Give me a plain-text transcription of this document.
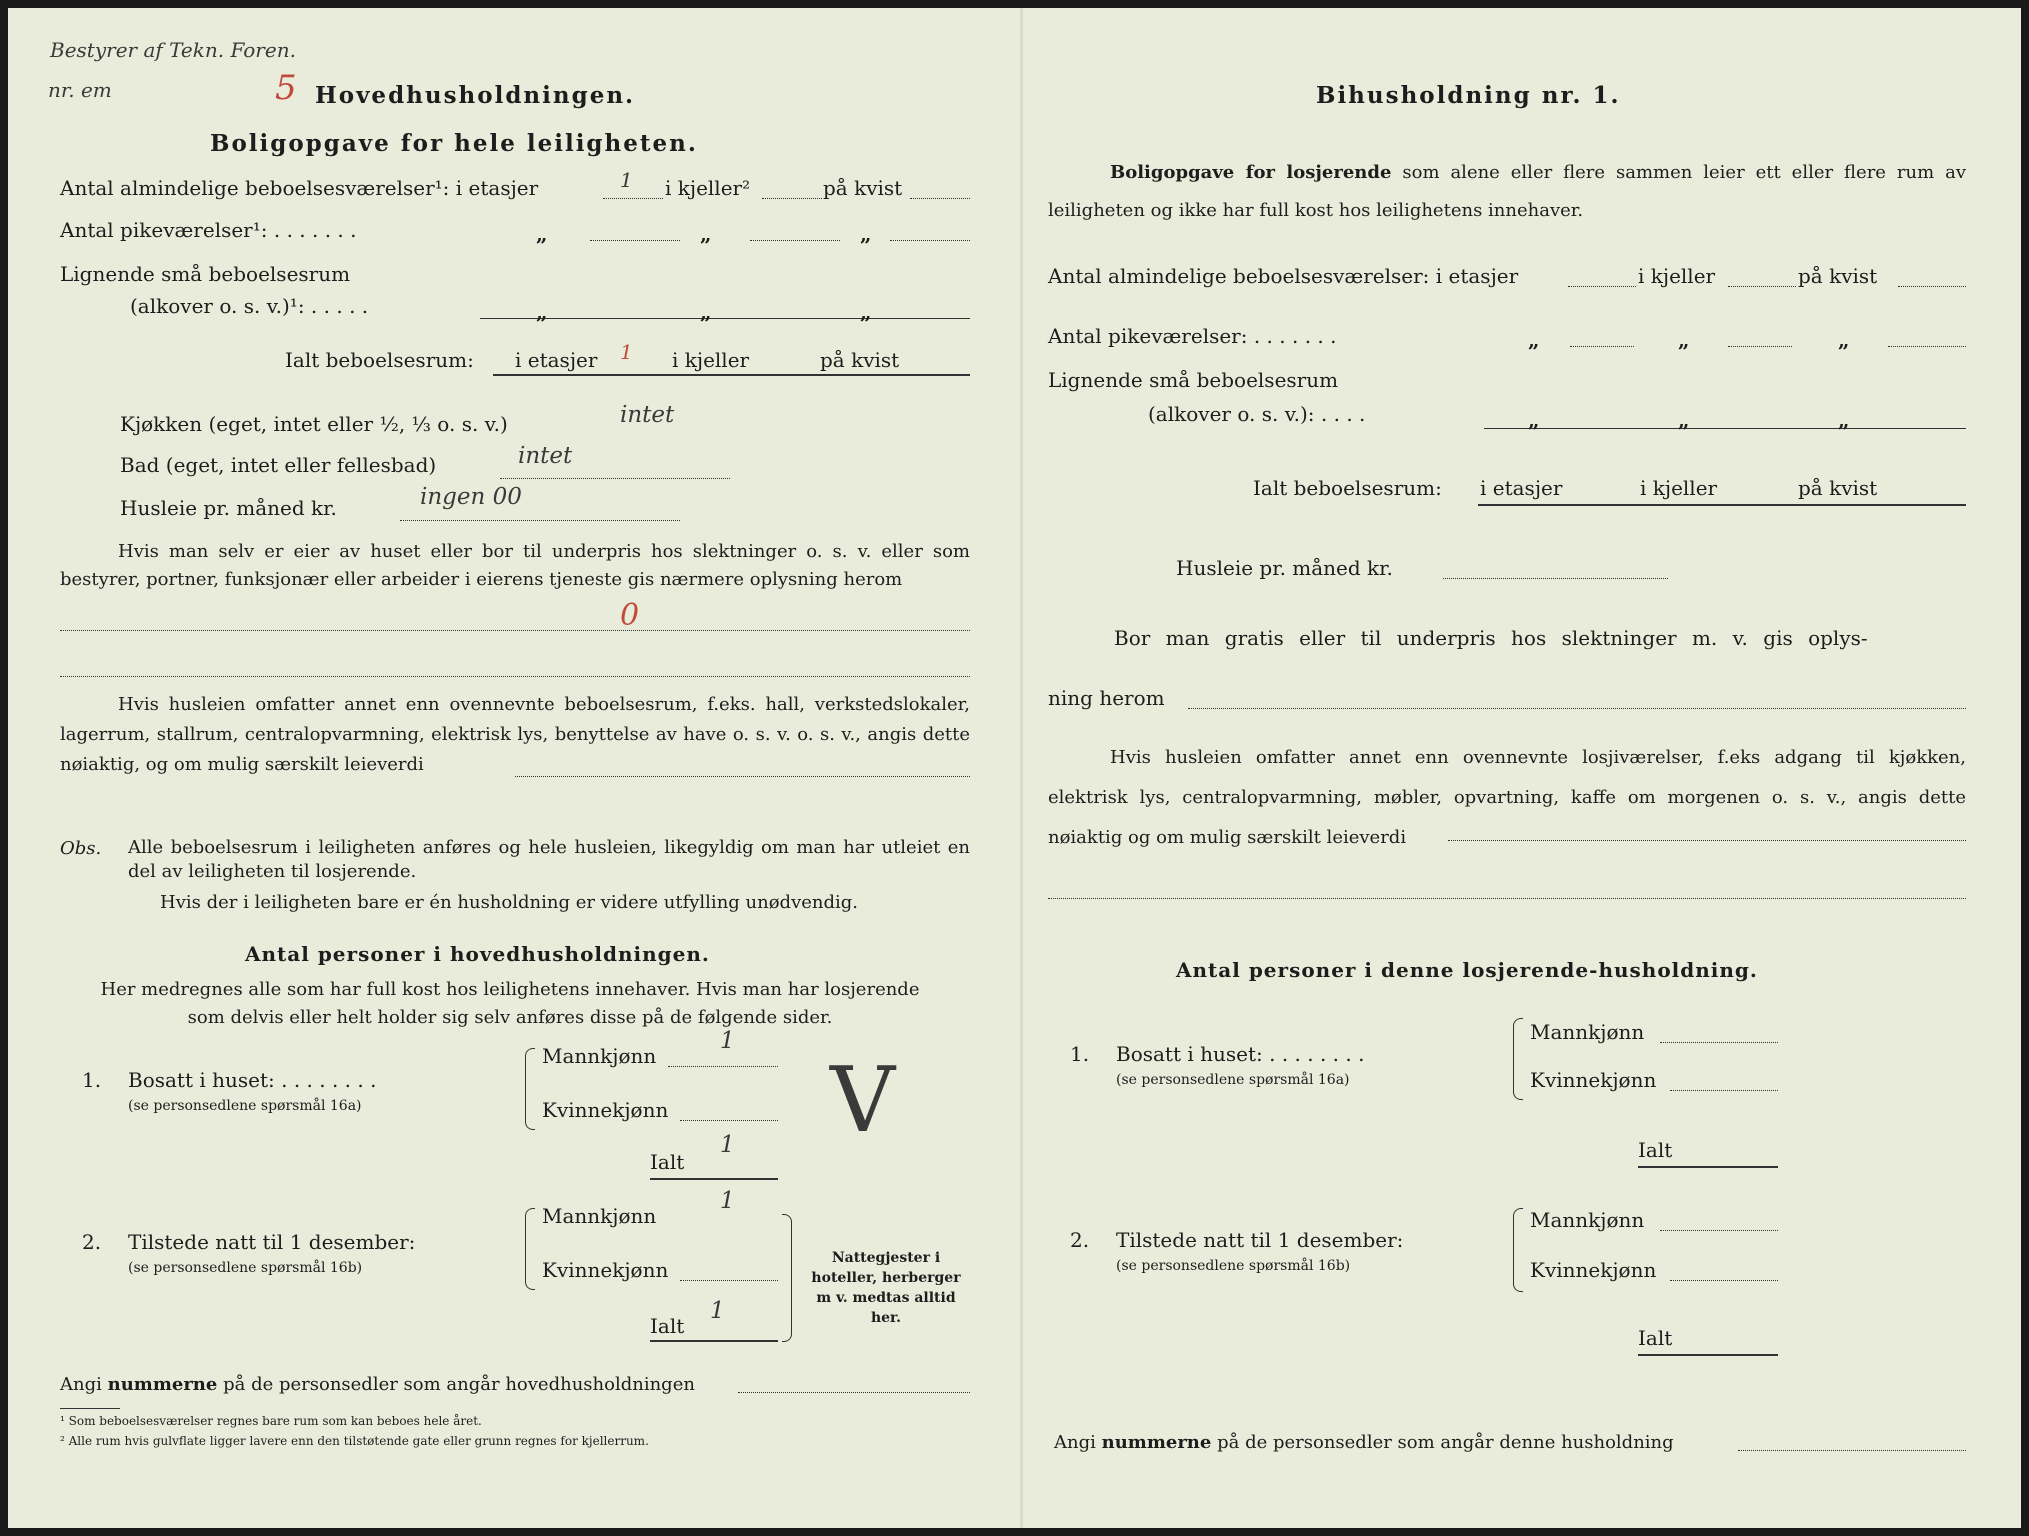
Bestyrer af Tekn. Foren.
nr. em	5 Hovedhusholdningen.
Boligopgave for hele leiligheten.
Antal almindelige beboelsesværelser¹: i etasjer	1 i kjeller²	på kvist
Antal pikeværelser¹: . . . . . . .	„	„	„
Lignende små beboelsesrum
(alkover o. s. v.)¹: . . . . .	„	„	„
Ialt beboelsesrum: i etasjer 1 i kjeller	på kvist
Kjøkken (eget, intet eller ½, ⅓ o. s. v.)	intet
Bad (eget, intet eller fellesbad)	intet
Husleie pr. måned kr.	ingen 00
Hvis man selv er eier av huset eller bor til underpris hos slektninger o. s. v. eller som bestyrer, portner, funksjonær eller arbeider i eierens tjeneste gis nærmere oplysning herom
0
Hvis husleien omfatter annet enn ovennevnte beboelsesrum, f.eks. hall, verkstedslokaler, lagerrum, stallrum, centralopvarmning, elektrisk lys, benyttelse av have o. s. v. o. s. v., angis dette nøiaktig, og om mulig særskilt leieverdi
Obs. Alle beboelsesrum i leiligheten anføres og hele husleien, likegyldig om man har utleiet en del av leiligheten til losjerende.
Hvis der i leiligheten bare er én husholdning er videre utfylling unødvendig.
Antal personer i hovedhusholdningen.
Her medregnes alle som har full kost hos leilighetens innehaver. Hvis man har losjerende som delvis eller helt holder sig selv anføres disse på de følgende sider.
1. Bosatt i huset: . . . . . . . .
(se personsedlene spørsmål 16a)
Mannkjønn
1
Kvinnekjønn V
Ialt
1
2. Tilstede natt til 1 desember:
(se personsedlene spørsmål 16b)
Mannkjønn
1
Kvinnekjønn
Ialt
1
Nattegjester i hoteller, herberger m v. medtas alltid her.
Angi nummerne på de personsedler som angår hovedhusholdningen
¹ Som beboelsesværelser regnes bare rum som kan beboes hele året.
² Alle rum hvis gulvflate ligger lavere enn den tilstøtende gate eller grunn regnes for kjellerrum.
Bihusholdning nr. 1.
Boligopgave for losjerende som alene eller flere sammen leier ett eller flere rum av leiligheten og ikke har full kost hos leilighetens innehaver.
Antal almindelige beboelsesværelser: i etasjer	i kjeller	på kvist
Antal pikeværelser: . . . . . . .	„	„	„
Lignende små beboelsesrum
(alkover o. s. v.): . . . .	„	„	„
Ialt beboelsesrum: i etasjer	i kjeller	på kvist
Husleie pr. måned kr.
Bor man gratis eller til underpris hos slektninger m. v. gis oplys-
ning herom
Hvis husleien omfatter annet enn ovennevnte losjiværelser, f.eks adgang til kjøkken, elektrisk lys, centralopvarmning, møbler, opvartning, kaffe om morgenen o. s. v., angis dette nøiaktig og om mulig særskilt leieverdi
Antal personer i denne losjerende-husholdning.
1. Bosatt i huset: . . . . . . . .
(se personsedlene spørsmål 16a)
Mannkjønn
Kvinnekjønn
Ialt
2. Tilstede natt til 1 desember:
(se personsedlene spørsmål 16b)
Mannkjønn
Kvinnekjønn
Ialt
Angi nummerne på de personsedler som angår denne husholdning
